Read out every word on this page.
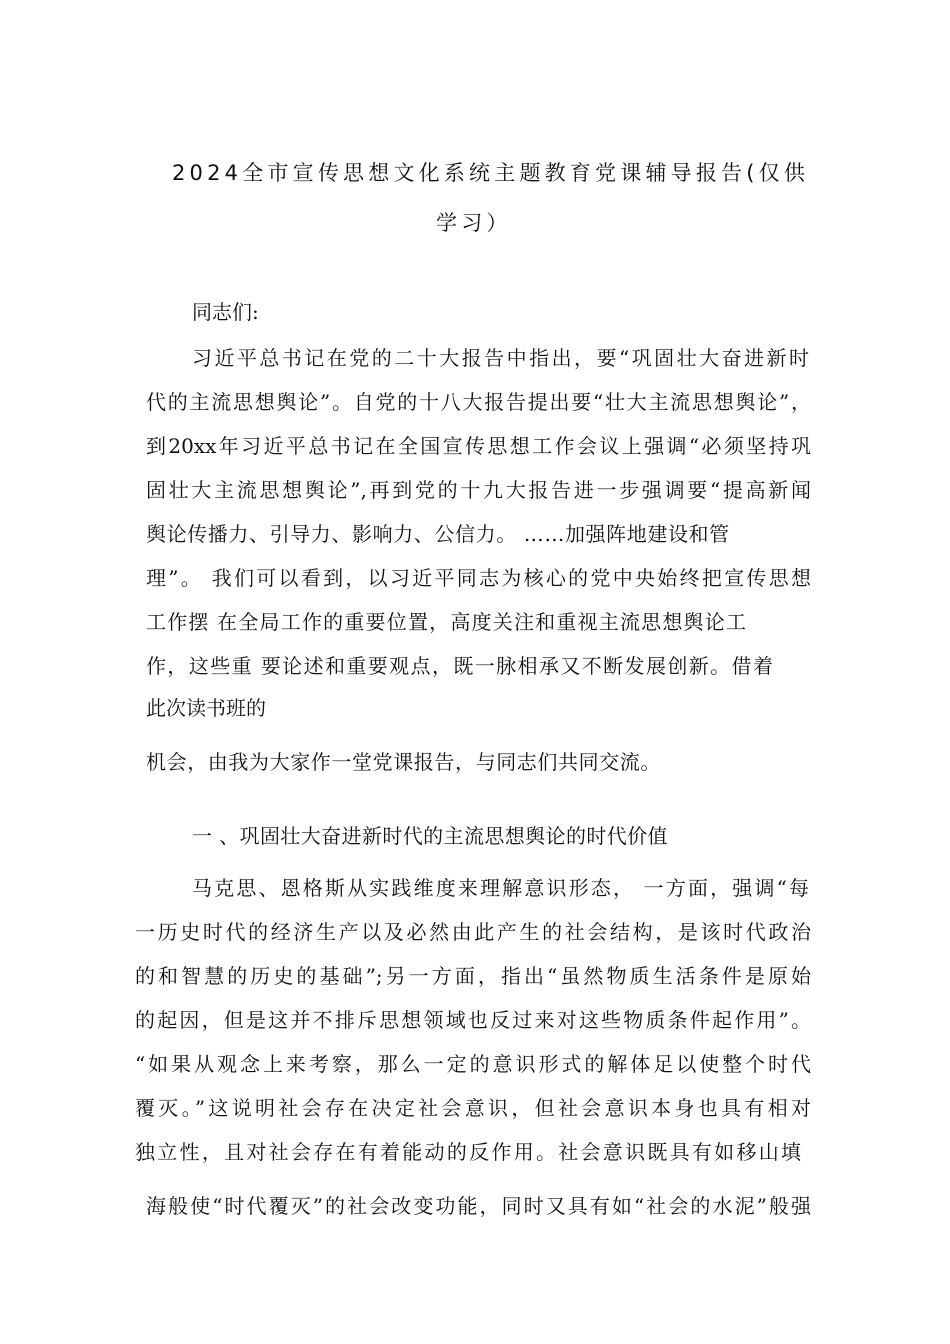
2024全市宣传思想文化系统主题教育党课辅导报告(仅供
学习）
同志们:
习近平总书记在党的二十大报告中指出，要“巩固壮大奋进新时
代的主流思想舆论”。自党的十八大报告提出要“壮大主流思想舆论”，
到20xx年习近平总书记在全国宣传思想工作会议上强调“必须坚持巩
固壮大主流思想舆论”,再到党的十九大报告进一步强调要“提高新闻
舆论传播力、引导力、影响力、公信力。 ……加强阵地建设和管
理”。 我们可以看到，以习近平同志为核心的党中央始终把宣传思想
工作摆 在全局工作的重要位置，高度关注和重视主流思想舆论工
作，这些重 要论述和重要观点，既一脉相承又不断发展创新。借着
此次读书班的
机会，由我为大家作一堂党课报告，与同志们共同交流。
一 、巩固壮大奋进新时代的主流思想舆论的时代价值
马克思、恩格斯从实践维度来理解意识形态， 一方面，强调“每
一历史时代的经济生产以及必然由此产生的社会结构，是该时代政治
的和智慧的历史的基础”;另一方面，指出“虽然物质生活条件是原始
的起因，但是这并不排斥思想领域也反过来对这些物质条件起作用”。
“如果从观念上来考察，那么一定的意识形式的解体足以使整个时代
覆灭。”这说明社会存在决定社会意识，但社会意识本身也具有相对
独立性，且对社会存在有着能动的反作用。社会意识既具有如移山填
海般使“时代覆灭”的社会改变功能，同时又具有如“社会的水泥”般强
